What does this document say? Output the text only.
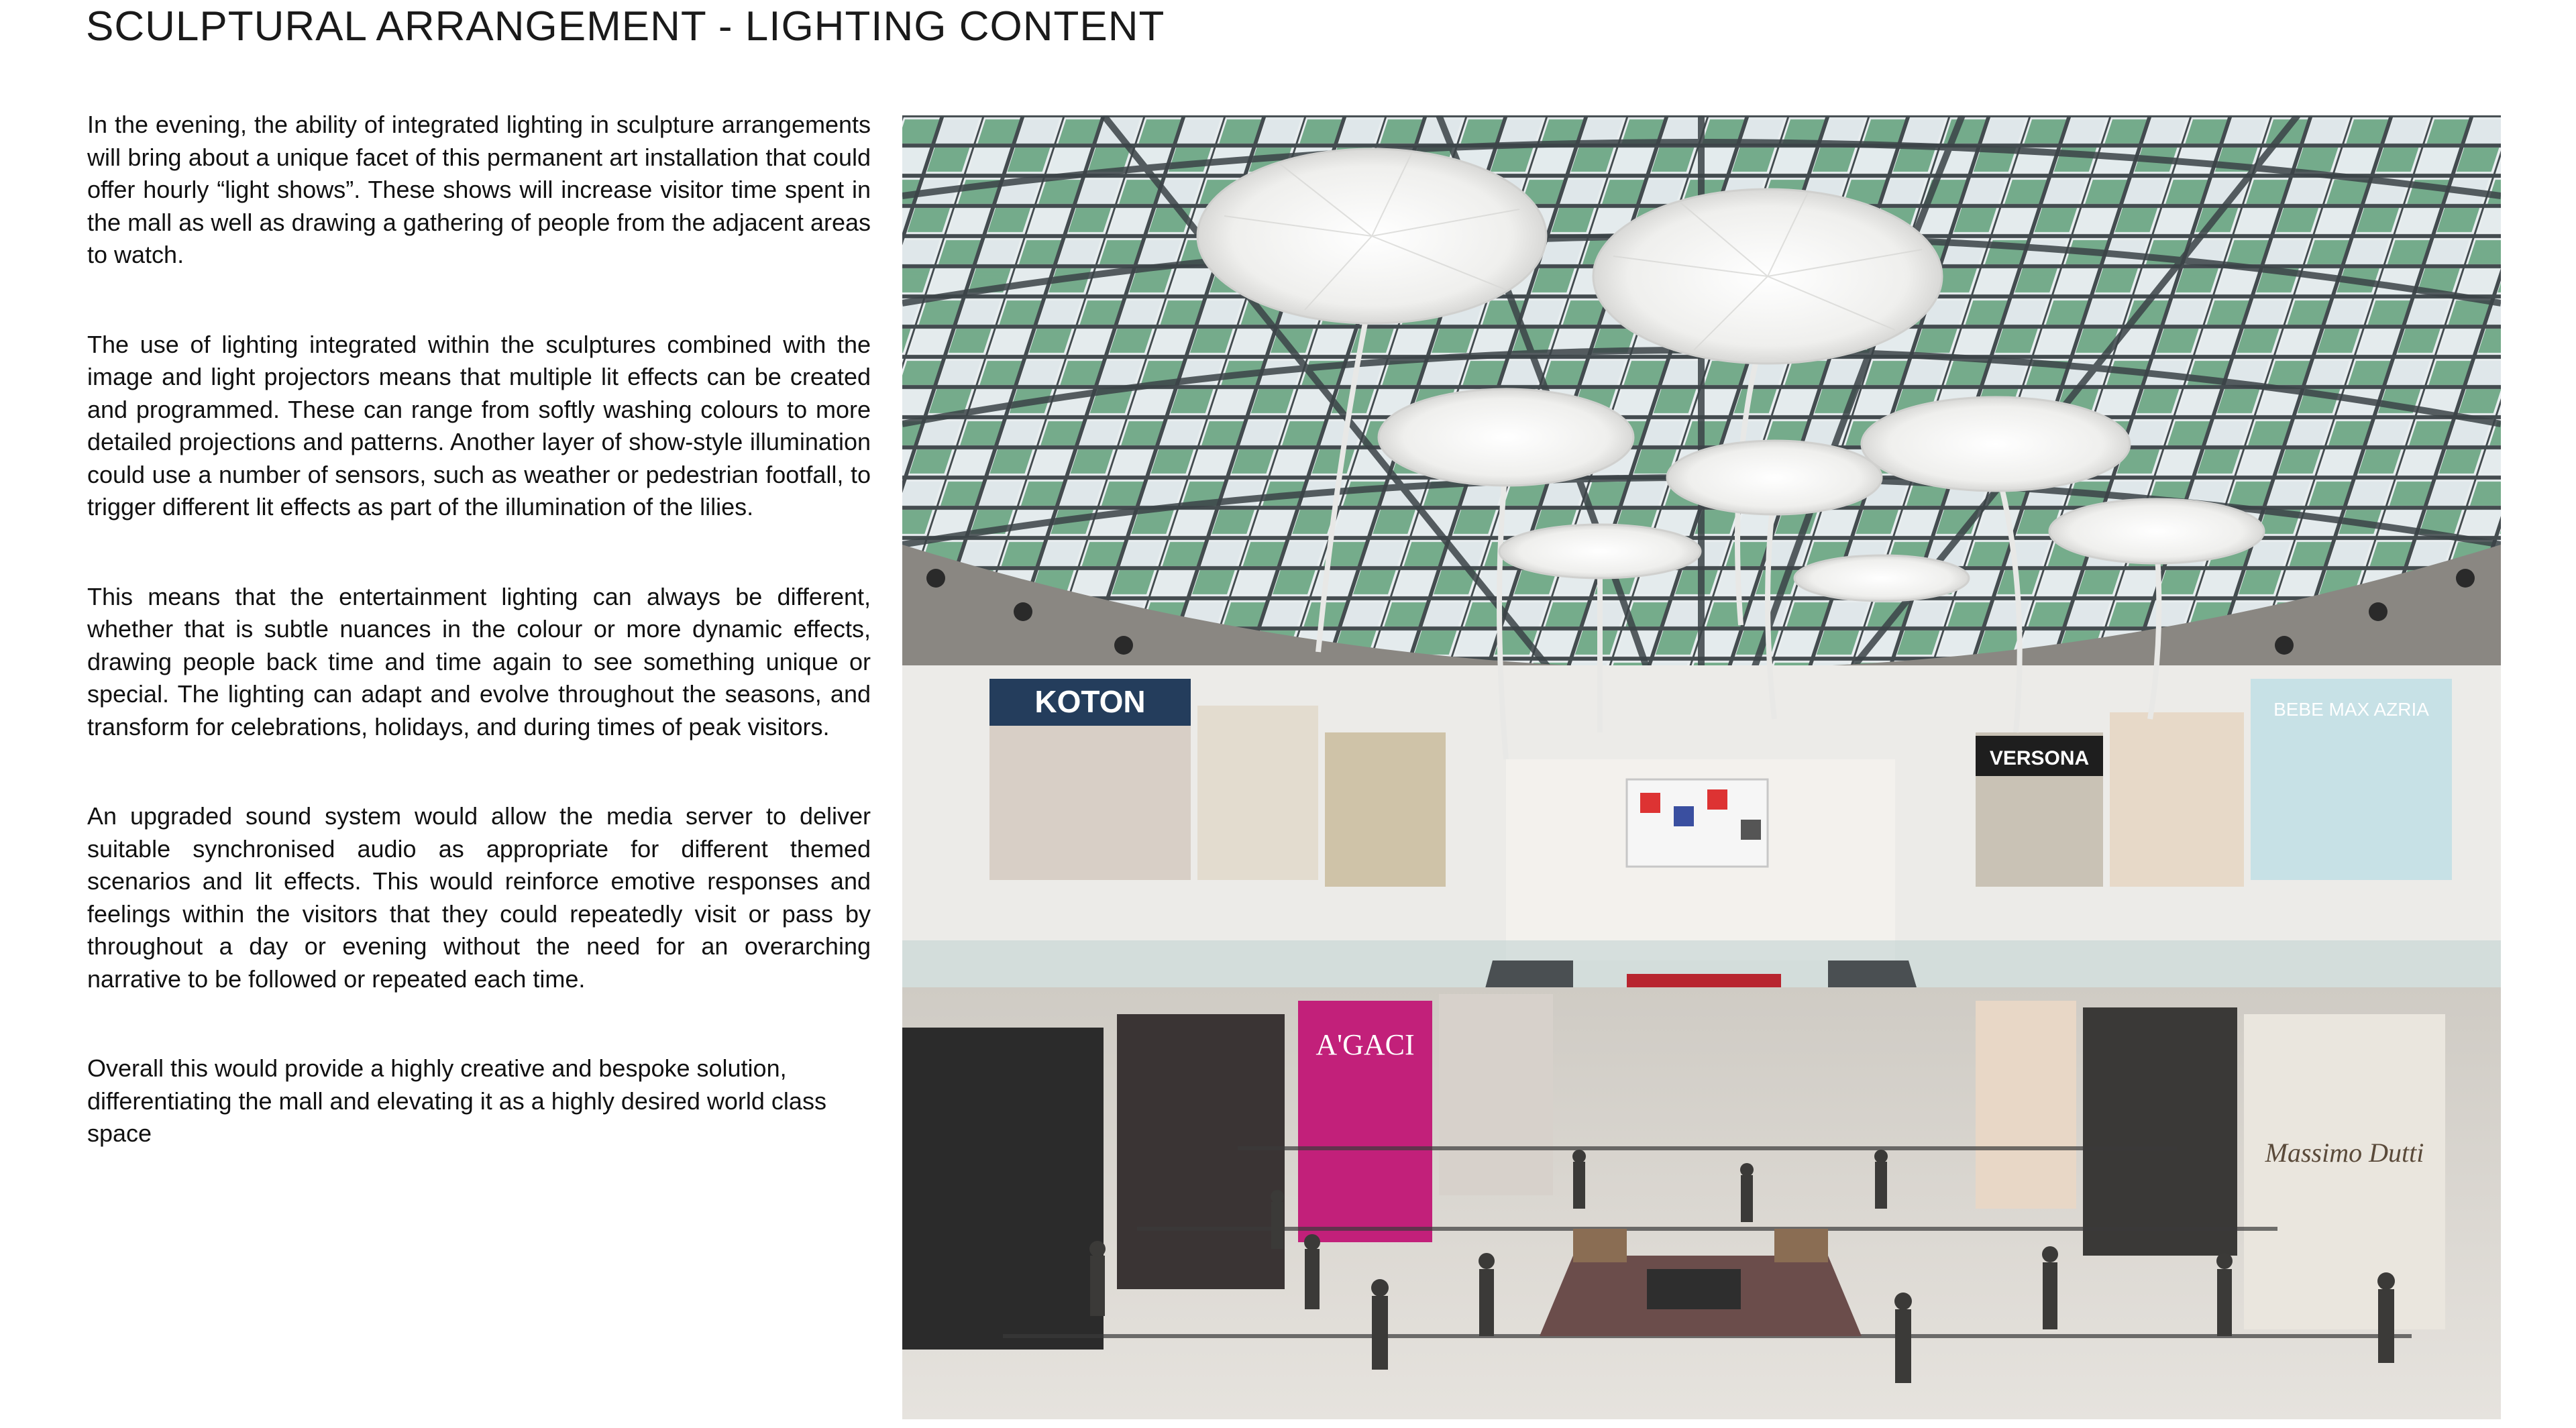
SCULPTURAL ARRANGEMENT - LIGHTING CONTENT

In the evening, the ability of integrated lighting in sculpture arrangements will bring about a unique facet of this permanent art installation that could offer hourly “light shows”. These shows will increase visitor time spent in the mall as well as drawing a gathering of people from the adjacent areas to watch.

The use of lighting integrated within the sculptures combined with the image and light projectors means that multiple lit effects can be created and programmed. These can range from softly washing colours to more detailed projections and patterns. Another layer of show-style illumination could use a number of sensors, such as weather or pedestrian footfall, to trigger different lit effects as part of the illumination of the lilies.

This means that the entertainment lighting can always be different, whether that is subtle nuances in the colour or more dynamic effects, drawing people back time and time again to see something unique or special. The lighting can adapt and evolve throughout the seasons, and transform for celebrations, holidays, and during times of peak visitors.

An upgraded sound system would allow the media server to deliver suitable synchronised audio as appropriate for different themed scenarios and lit effects. This would reinforce emotive responses and feelings within the visitors that they could repeatedly visit or pass by throughout a day or evening without the need for an overarching narrative to be followed or repeated each time.

Overall this would provide a highly creative and bespoke solution, differentiating the mall and elevating it as a highly desired world class space

KOTON
VERSONA
BEBE MAX AZRIA
A'GACI
Massimo Dutti
